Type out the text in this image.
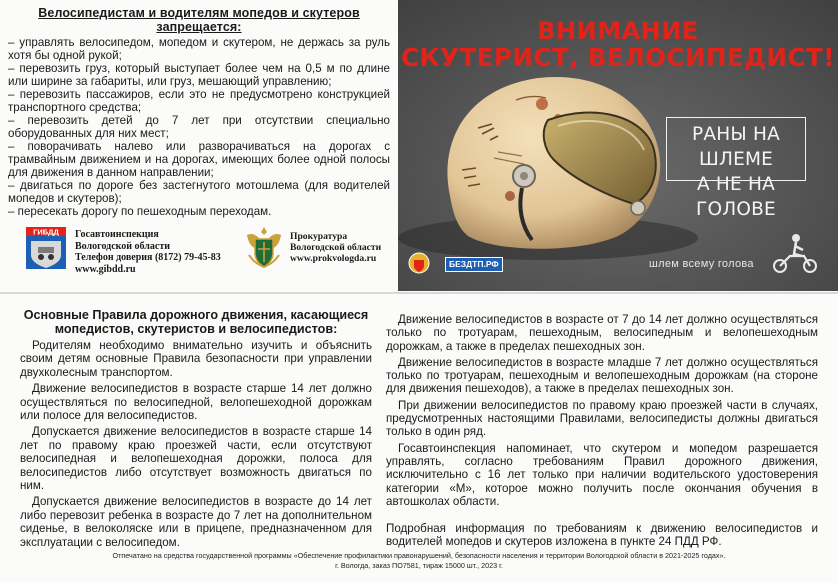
Велосипедистам и водителям мопедов и скутеров
запрещается:
– управлять велосипедом, мопедом и скутером, не держась за руль хотя бы одной рукой;
– перевозить груз, который выступает более чем на 0,5 м по длине или ширине за габариты, или груз, мешающий управлению;
– перевозить пассажиров, если это не предусмотрено конструкцией транспортного средства;
– перевозить детей до 7 лет при отсутствии специально оборудованных для них мест;
– поворачивать налево или разворачиваться на дорогах с трамвайным движением и на дорогах, имеющих более одной полосы для движения в данном направлении;
– двигаться по дороге без застегнутого мотошлема (для водителей мопедов и скутеров);
– пересекать дорогу по пешеходным переходам.
ГИБДД Госавтоинспекция
Вологодской области
Телефон доверия (8172) 79-45-83
www.gibdd.ru
Прокуратура
Вологодской области
www.prokvologda.ru
ВНИМАНИЕ
СКУТЕРИСТ, ВЕЛОСИПЕДИСТ!
РАНЫ НА ШЛЕМЕ
А НЕ НА ГОЛОВЕ
БЕЗДТП.РФ	шлем всему голова
Основные Правила дорожного движения, касающиеся мопедистов, скутеристов и велосипедистов:

Родителям необходимо внимательно изучить и объяснить своим детям основные Правила безопасности при управлении двухколесным транспортом.

Движение велосипедистов в возрасте старше 14 лет должно осуществляться по велосипедной, велопешеходной дорожкам или полосе для велосипедистов.

Допускается движение велосипедистов в возрасте старше 14 лет по правому краю проезжей части, если отсутствуют велосипедная и велопешеходная дорожки, полоса для велосипедистов либо отсутствует возможность двигаться по ним.

Допускается движение велосипедистов в возрасте до 14 лет либо перевозит ребенка в возрасте до 7 лет на дополнительном сиденье, в велоколяске или в прицепе, предназначенном для эксплуатации с велосипедом.

Движение велосипедистов в возрасте от 7 до 14 лет должно осуществляться только по тротуарам, пешеходным, велосипедным и велопешеходным дорожкам, а также в пределах пешеходных зон.

Движение велосипедистов в возрасте младше 7 лет должно осуществляться только по тротуарам, пешеходным и велопешеходным дорожкам (на стороне для движения пешеходов), а также в пределах пешеходных зон.

При движении велосипедистов по правому краю проезжей части в случаях, предусмотренных настоящими Правилами, велосипедисты должны двигаться только в один ряд.

Госавтоинспекция напоминает, что скутером и мопедом разрешается управлять, согласно требованиям Правил дорожного движения, исключительно с 16 лет только при наличии водительского удостоверения категории «М», которое можно получить после окончания обучения в автошколах области.

Подробная информация по требованиям к движению велосипедистов и водителей мопедов и скутеров изложена в пункте 24 ПДД РФ.

Отпечатано на средства государственной программы «Обеспечение профилактики правонарушений, безопасности населения и территории Вологодской области в 2021-2025 годах».
г. Вологда, заказ ПО7581, тираж 15000 шт., 2023 г.
